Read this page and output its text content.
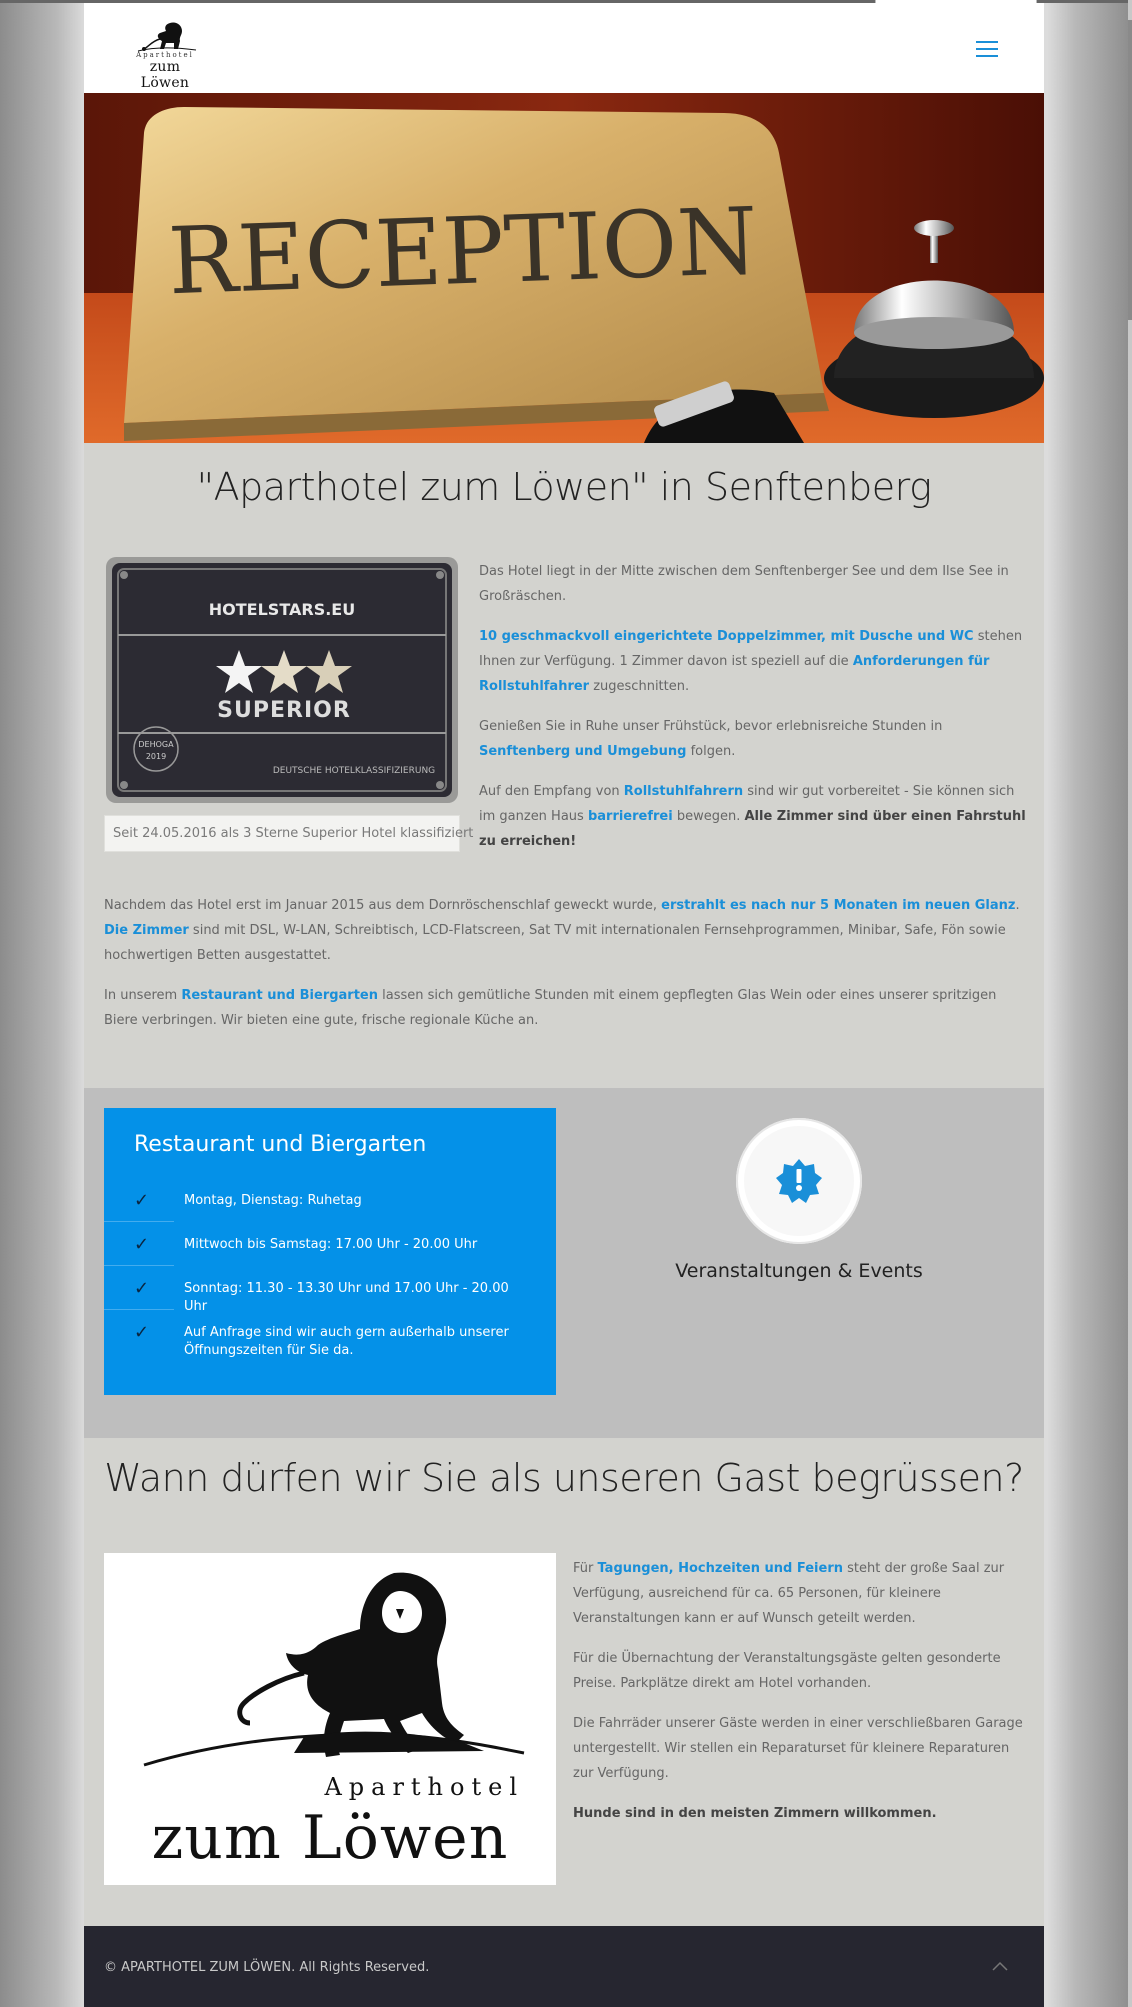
Aparthotel
zum Löwen
RECEPTION
"Aparthotel zum Löwen" in Senftenberg
HOTELSTARS.EU
SUPERIOR
DEHOGA
2019
DEUTSCHE HOTELKLASSIFIZIERUNG
Seit 24.05.2016 als 3 Sterne Superior Hotel klassifiziert

Das Hotel liegt in der Mitte zwischen dem Senftenberger See und dem Ilse See in Großräschen.

10 geschmackvoll eingerichtete Doppelzimmer, mit Dusche und WC stehen Ihnen zur Verfügung. 1 Zimmer davon ist speziell auf die Anforderungen für Rollstuhlfahrer zugeschnitten.

Genießen Sie in Ruhe unser Frühstück, bevor erlebnisreiche Stunden in Senftenberg und Umgebung folgen.

Auf den Empfang von Rollstuhlfahrern sind wir gut vorbereitet - Sie können sich im ganzen Haus barrierefrei bewegen. Alle Zimmer sind über einen Fahrstuhl zu erreichen!

Nachdem das Hotel erst im Januar 2015 aus dem Dornröschenschlaf geweckt wurde, erstrahlt es nach nur 5 Monaten im neuen Glanz. Die Zimmer sind mit DSL, W-LAN, Schreibtisch, LCD-Flatscreen, Sat TV mit internationalen Fernsehprogrammen, Minibar, Safe, Fön sowie hochwertigen Betten ausgestattet.

In unserem Restaurant und Biergarten lassen sich gemütliche Stunden mit einem gepflegten Glas Wein oder eines unserer spritzigen Biere verbringen. Wir bieten eine gute, frische regionale Küche an.

Restaurant und Biergarten
✓	Montag, Dienstag: Ruhetag
✓	Mittwoch bis Samstag: 17.00 Uhr - 20.00 Uhr
✓	Sonntag: 11.30 - 13.30 Uhr und 17.00 Uhr - 20.00 Uhr
✓	Auf Anfrage sind wir auch gern außerhalb unserer Öffnungszeiten für Sie da.
Veranstaltungen & Events
Wann dürfen wir Sie als unseren Gast begrüssen?
Aparthotel
zum Löwen

Für Tagungen, Hochzeiten und Feiern steht der große Saal zur Verfügung, ausreichend für ca. 65 Personen, für kleinere Veranstaltungen kann er auf Wunsch geteilt werden.

Für die Übernachtung der Veranstaltungsgäste gelten gesonderte Preise. Parkplätze direkt am Hotel vorhanden.

Die Fahrräder unserer Gäste werden in einer verschließbaren Garage untergestellt. Wir stellen ein Reparaturset für kleinere Reparaturen zur Verfügung.

Hunde sind in den meisten Zimmern willkommen.

© APARTHOTEL ZUM LÖWEN. All Rights Reserved.
